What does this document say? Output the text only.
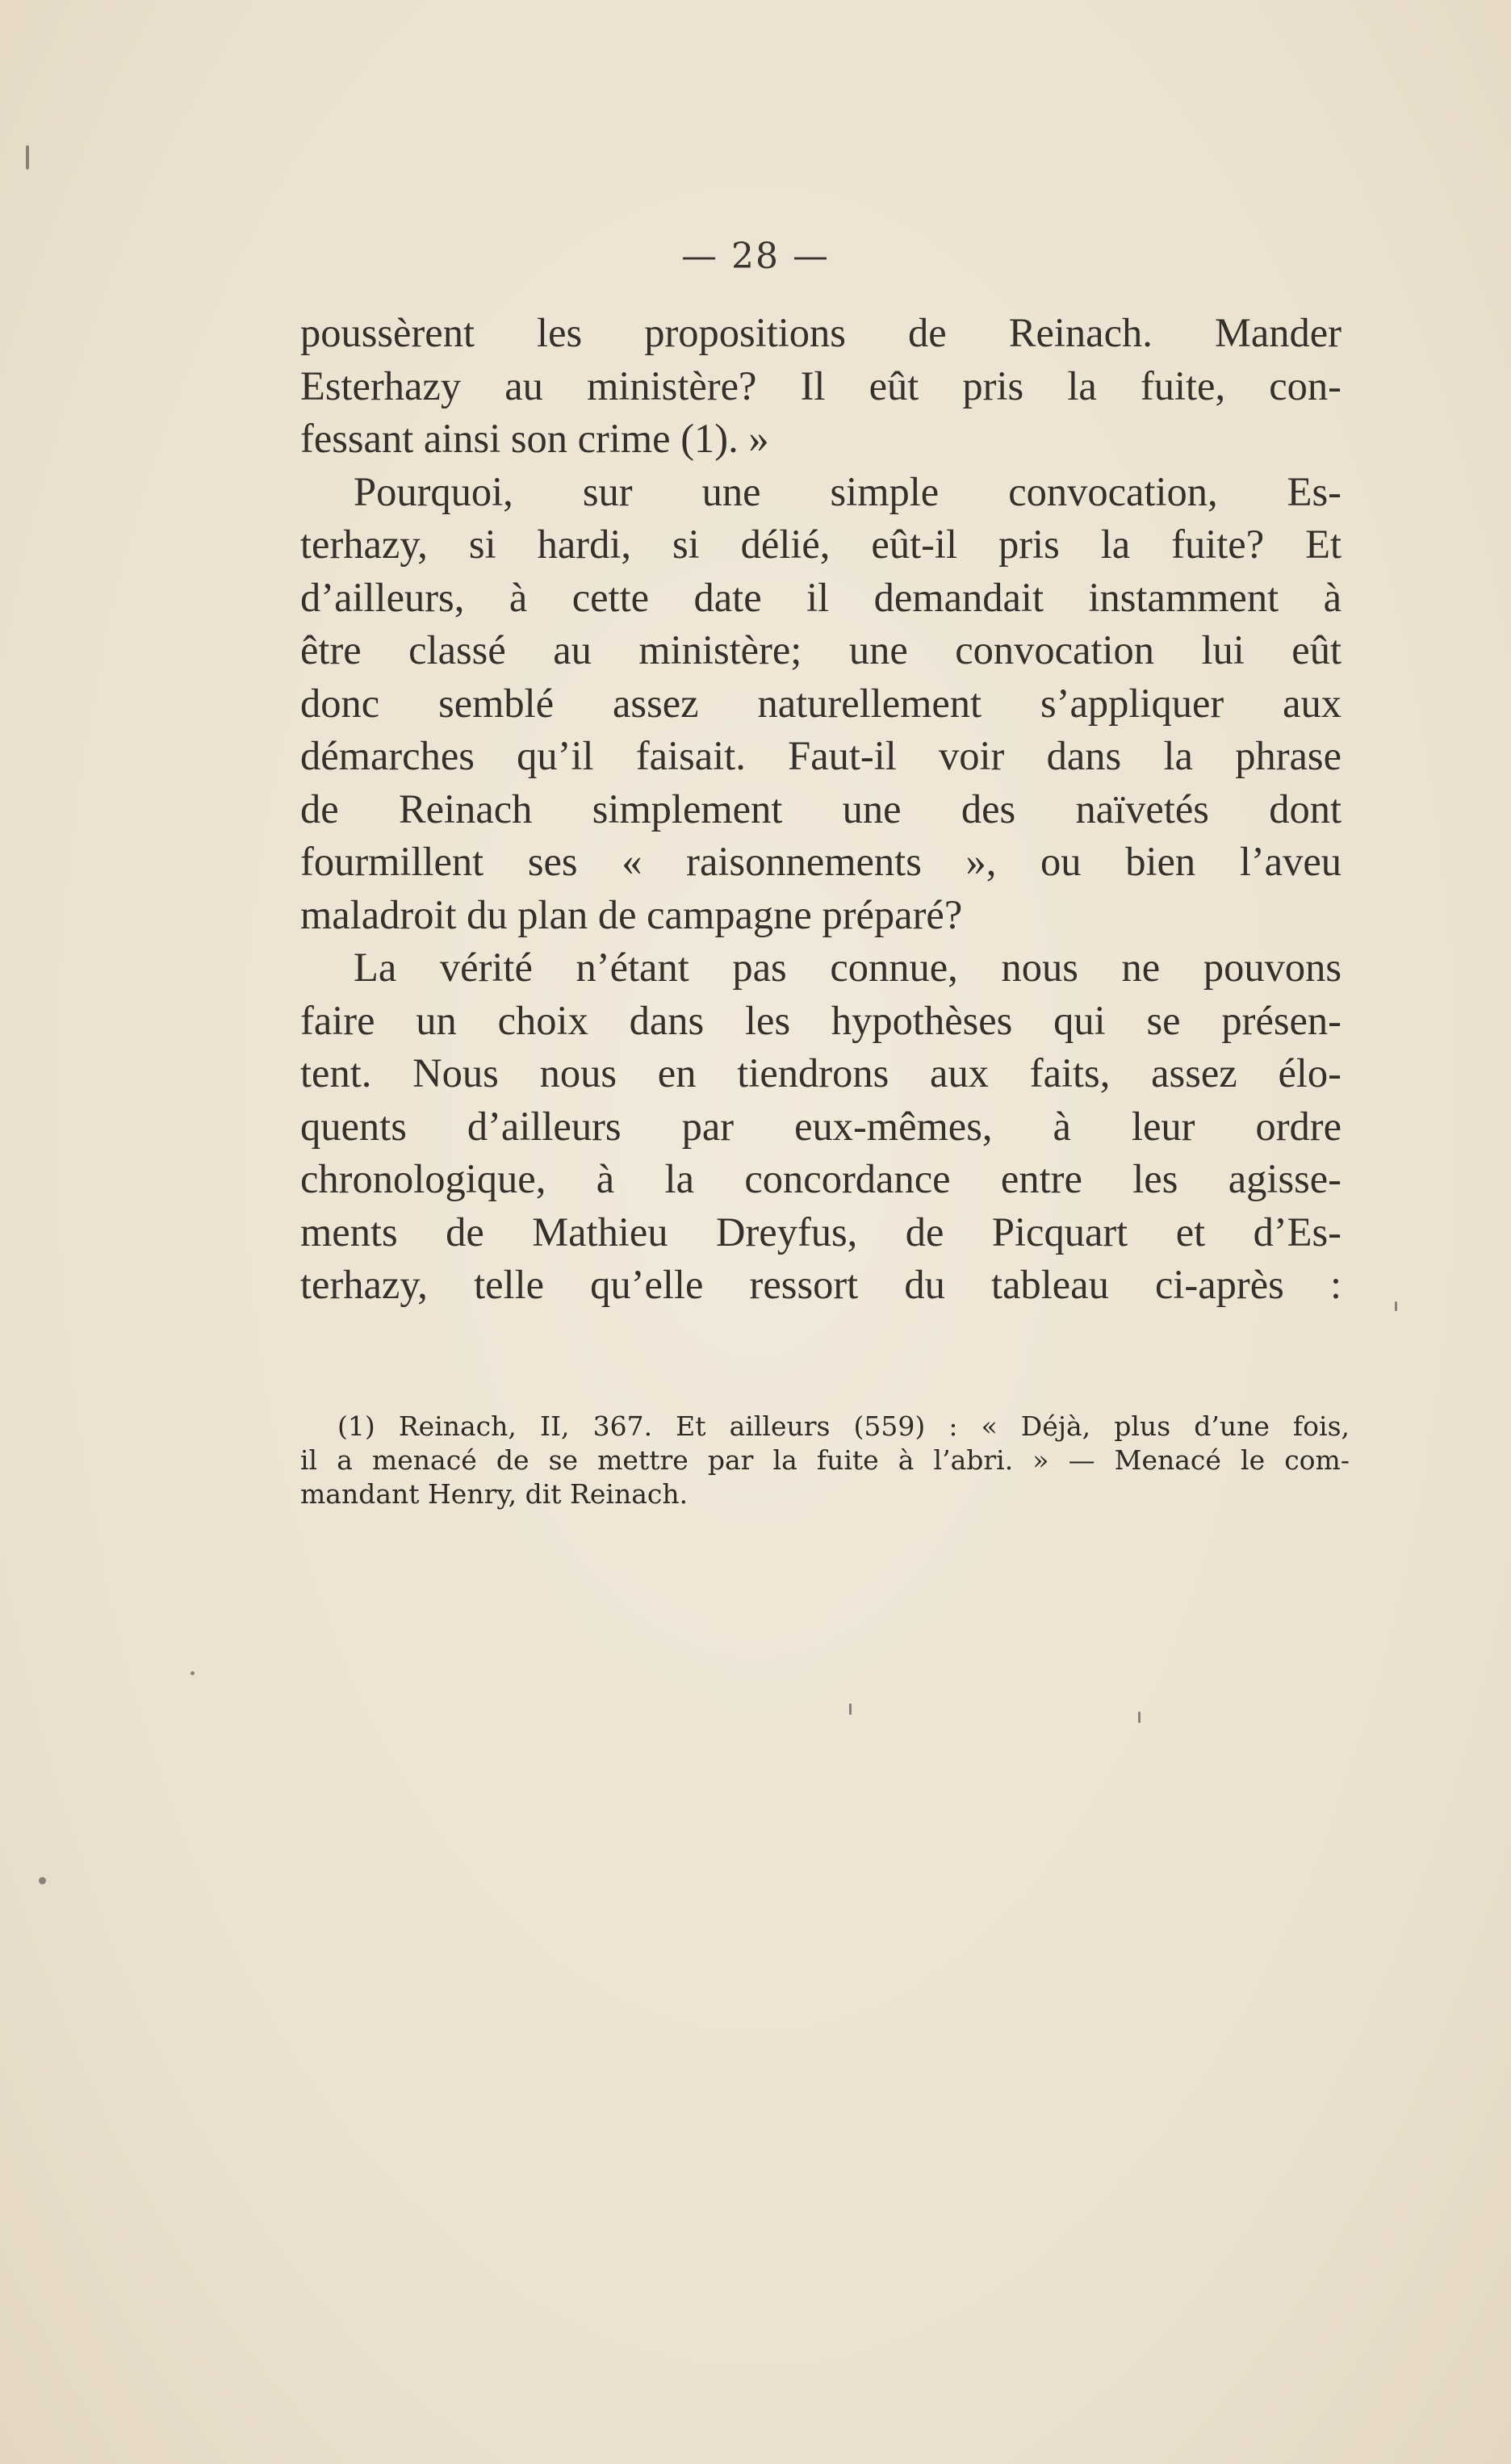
— 28 —
poussèrent les propositions de Reinach. Mander
Esterhazy au ministère? Il eût pris la fuite, con-
fessant ainsi son crime (1). »
Pourquoi, sur une simple convocation, Es-
terhazy, si hardi, si délié, eût-il pris la fuite? Et
d’ailleurs, à cette date il demandait instamment à
être classé au ministère; une convocation lui eût
donc semblé assez naturellement s’appliquer aux
démarches qu’il faisait. Faut-il voir dans la phrase
de Reinach simplement une des naïvetés dont
fourmillent ses « raisonnements », ou bien l’aveu
maladroit du plan de campagne préparé?
La vérité n’étant pas connue, nous ne pouvons
faire un choix dans les hypothèses qui se présen-
tent. Nous nous en tiendrons aux faits, assez élo-
quents d’ailleurs par eux-mêmes, à leur ordre
chronologique, à la concordance entre les agisse-
ments de Mathieu Dreyfus, de Picquart et d’Es-
terhazy, telle qu’elle ressort du tableau ci-après :
(1) Reinach, II, 367. Et ailleurs (559) : « Déjà, plus d’une fois,
il a menacé de se mettre par la fuite à l’abri. » — Menacé le com-
mandant Henry, dit Reinach.
